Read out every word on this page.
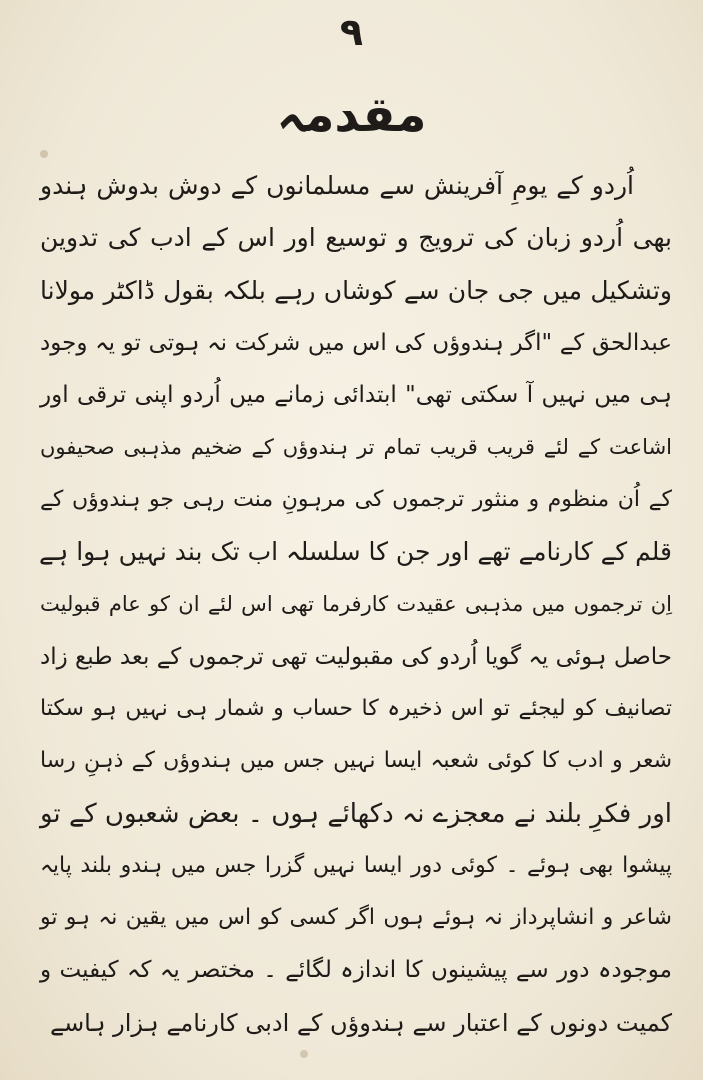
۹
مقدمہ
اُردو کے یومِ آفرینش سے مسلمانوں کے دوش بدوش ہندو
بھی اُردو زبان کی ترویج و توسیع اور اس کے ادب کی تدوین
وتشکیل میں جی جان سے کوشاں رہے بلکہ بقول ڈاکٹر مولانا
عبدالحق کے "اگر ہندوؤں کی اس میں شرکت نہ ہوتی تو یہ وجود
ہی میں نہیں آ سکتی تھی" ابتدائی زمانے میں اُردو اپنی ترقی اور
اشاعت کے لئے قریب قریب تمام تر ہندوؤں کے ضخیم مذہبی صحیفوں
کے اُن منظوم و منثور ترجموں کی مرہونِ منت رہی جو ہندوؤں کے
قلم کے کارنامے تھے اور جن کا سلسلہ اب تک بند نہیں ہوا ہے
اِن ترجموں میں مذہبی عقیدت کارفرما تھی اس لئے ان کو عام قبولیت
حاصل ہوئی یہ گویا اُردو کی مقبولیت تھی ترجموں کے بعد طبع زاد
تصانیف کو لیجئے تو اس ذخیرہ کا حساب و شمار ہی نہیں ہو سکتا
شعر و ادب کا کوئی شعبہ ایسا نہیں جس میں ہندوؤں کے ذہنِ رسا
اور فکرِ بلند نے معجزے نہ دکھائے ہوں ۔ بعض شعبوں کے تو
پیشوا بھی ہوئے ۔ کوئی دور ایسا نہیں گزرا جس میں ہندو بلند پایہ
شاعر و انشاپرداز نہ ہوئے ہوں اگر کسی کو اس میں یقین نہ ہو تو
موجودہ دور سے پیشینوں کا اندازہ لگائے ۔ مختصر یہ کہ کیفیت و
کمیت دونوں کے اعتبار سے ہندوؤں کے ادبی کارنامے ہزار ہاسے
